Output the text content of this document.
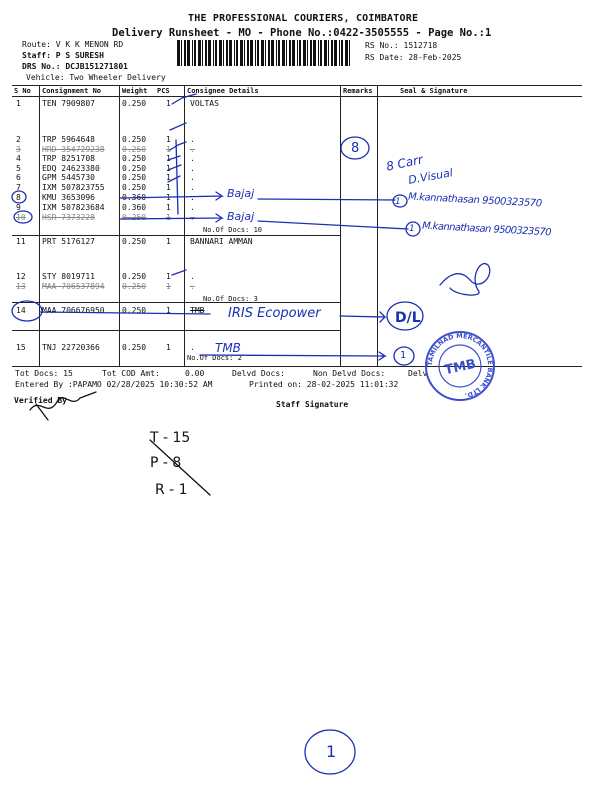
THE PROFESSIONAL COURIERS, COIMBATORE
Delivery Runsheet - MO - Phone No.:0422-3505555 - Page No.:1
Route: V K K MENON RD
Staff: P S SURESH
DRS No.: DCJB151271801
Vehicle: Two Wheeler Delivery
RS No.: 1512718
RS Date: 28-Feb-2025
S No Consignment No	Weight PCS Consignee Details	Remarks	Seal & Signature
1	TEN 7909807	0.250 1 VOLTAS
2	TRP 5964648	0.250 1 .
3	HRD 354729238 0.250 1 .
4	TRP 8251708	0.250 1 .
5	EDQ 24623380	0.250 1 .
6	GPM 5445730	0.250 1 .
7	IXM 507823755 0.250 1 .
8	KMU 3653096	0.360 1 .
9	IXM 507823684 0.360 1 .
10 HSR 7373228	0.250 1 .
11 PRT 5176127	0.250 1 BANNARI AMMAN
12 STY 8019711	0.250 1 .
13 MAA 706537894 0.250 1 .
14 MAA 706676950 0.250 1 TMB
15 TNJ 22720366	0.250 1 .
No.Of Docs: 10
No.Of Docs: 3
No.Of Docs: 2
Tot Docs: 15	Tot COD Amt:	0.00	Delvd Docs:	Non Delvd Docs:	Delv
Entered By :PAPAMO 02/28/2025 10:30:52 AM	Printed on: 28-02-2025 11:01:32
Verified By	Staff Signature
8
8 Carr
D.Visual
Bajaj
Bajaj
1 M.kannathasan 9500323570
1 M.kannathasan 9500323570
IRIS Ecopower	D/L
TMB
1
T - 15
P - 8
R - 1
1
TAMILNAD MERCANTILE BANK LTD.
TMB
